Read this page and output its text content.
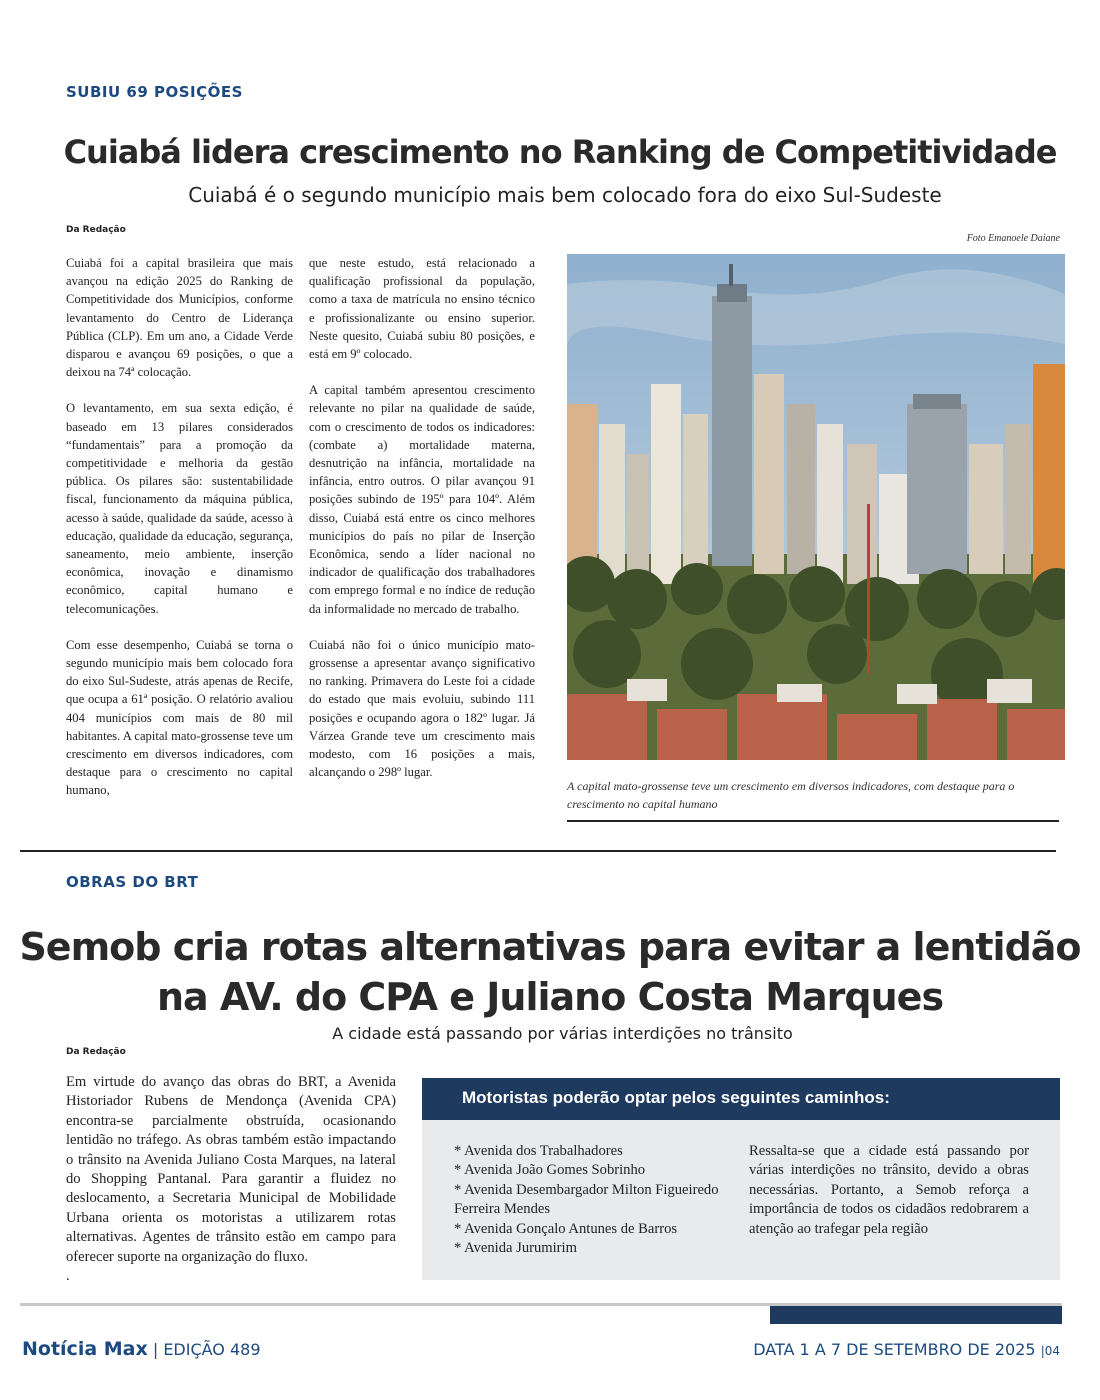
SUBIU 69 POSIÇÕES
Cuiabá lidera crescimento no Ranking de Competitividade
Cuiabá é o segundo município mais bem colocado fora do eixo Sul-Sudeste
Da Redação
Foto Emanoele Daiane

Cuiabá foi a capital brasileira que mais avançou na edição 2025 do Ranking de Competitividade dos Municípios, conforme levantamento do Centro de Liderança Pública (CLP). Em um ano, a Cidade Verde disparou e avançou 69 posições, o que a deixou na 74ª colocação.

O levantamento, em sua sexta edição, é baseado em 13 pilares considerados “fundamentais” para a promoção da competitividade e melhoria da gestão pública. Os pilares são: sustentabilidade fiscal, funcionamento da máquina pública, acesso à saúde, qualidade da saúde, acesso à educação, qualidade da educação, segurança, saneamento, meio ambiente, inserção econômica, inovação e dinamismo econômico, capital humano e telecomunicações.

Com esse desempenho, Cuiabá se torna o segundo município mais bem colocado fora do eixo Sul-Sudeste, atrás apenas de Recife, que ocupa a 61ª posição. O relatório avaliou 404 municípios com mais de 80 mil habitantes. A capital mato-grossense teve um crescimento em diversos indicadores, com destaque para o crescimento no capital humano,

que neste estudo, está relacionado a qualificação profissional da população, como a taxa de matrícula no ensino técnico e profissionalizante ou ensino superior. Neste quesito, Cuiabá subiu 80 posições, e está em 9º colocado.

A capital também apresentou crescimento relevante no pilar na qualidade de saúde, com o crescimento de todos os indicadores: (combate a) mortalidade materna, desnutrição na infância, mortalidade na infância, entro outros. O pilar avançou 91 posições subindo de 195º para 104º. Além disso, Cuiabá está entre os cinco melhores municípios do país no pilar de Inserção Econômica, sendo a líder nacional no indicador de qualificação dos trabalhadores com emprego formal e no índice de redução da informalidade no mercado de trabalho.

Cuiabá não foi o único município mato-grossense a apresentar avanço significativo no ranking. Primavera do Leste foi a cidade do estado que mais evoluiu, subindo 111 posições e ocupando agora o 182º lugar. Já Várzea Grande teve um crescimento mais modesto, com 16 posições a mais, alcançando o 298º lugar.

A capital mato-grossense teve um crescimento em diversos indicadores, com destaque para o crescimento no capital humano
OBRAS DO BRT
Semob cria rotas alternativas para evitar a lentidão
na AV. do CPA e Juliano Costa Marques
A cidade está passando por várias interdições no trânsito
Da Redação
Em virtude do avanço das obras do BRT, a Avenida Historiador Rubens de Mendonça (Avenida CPA) encontra-se parcialmente obstruída, ocasionando lentidão no tráfego. As obras também estão impactando o trânsito na Avenida Juliano Costa Marques, na lateral do Shopping Pantanal. Para garantir a fluidez no deslocamento, a Secretaria Municipal de Mobilidade Urbana orienta os motoristas a utilizarem rotas alternativas. Agentes de trânsito estão em campo para oferecer suporte na organização do fluxo.
.
Motoristas poderão optar pelos seguintes caminhos:
* Avenida dos Trabalhadores
* Avenida João Gomes Sobrinho
* Avenida Desembargador Milton Figueiredo Ferreira Mendes
* Avenida Gonçalo Antunes de Barros
* Avenida Jurumirim
Ressalta-se que a cidade está passando por várias interdições no trânsito, devido a obras necessárias. Portanto, a Semob reforça a importância de todos os cidadãos redobrarem a atenção ao trafegar pela região
Notícia Max | EDIÇÃO 489	DATA 1 A 7 DE SETEMBRO DE 2025 |04
